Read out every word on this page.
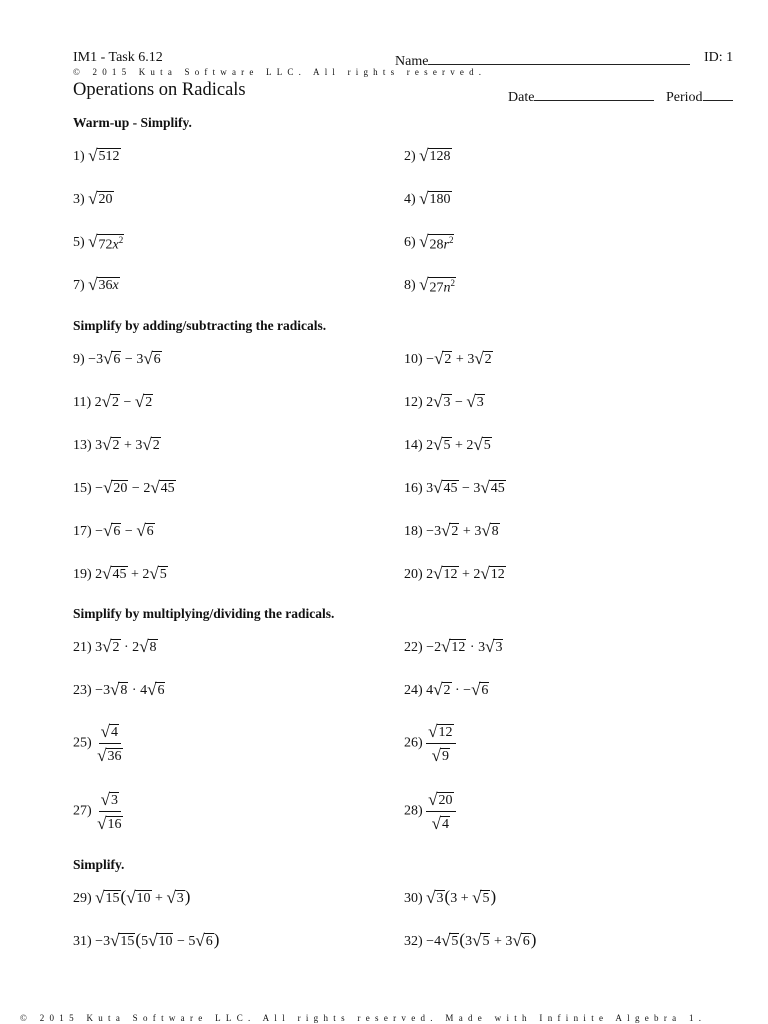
IM1 - Task 6.12	Name	ID: 1
© 2015 Kuta Software LLC. All rights reserved.
Operations on Radicals	Date	Period
Warm-up - Simplify.
1) √ 512	2) √ 128
3) √ 20	4) √ 180
5) √ $72x^2$	6) √ $28r^2$
7) √ 36x	8) √ $27n^2$
Simplify by adding/subtracting the radicals.
9) −3 √ 6 − 3 √ 6	10) − √ 2 + 3 √ 2
11) 2 √ 2 − √ 2	12) 2 √ 3 − √ 3
13) 3 √ 2 + 3 √ 2	14) 2 √ 5 + 2 √ 5
15) − √ 20 − 2 √ 45	16) 3 √ 45 − 3 √ 45
17) − √ 6 − √ 6	18) −3 √ 2 + 3 √ 8
19) 2 √ 45 + 2 √ 5	20) 2 √ 12 + 2 √ 12
Simplify by multiplying/dividing the radicals.
21) 3 √ 2 · 2 √ 8	22) −2 √ 12 · 3 √ 3
23) −3 √ 8 · 4 √ 6	24) 4 √ 2 · − √ 6
$25) \frac{√ 4}{√ 36}$	$26) \frac{√ 12}{√ 9}$
$27) \frac{√ 3}{√ 16}$	$28) \frac{√ 20}{√ 4}$
Simplify.
29) √ 15 ( √ 10 + √ 3 )	30) √ 3 (3 + √ 5 )
31) −3 √ 15 (5 √ 10 − 5 √ 6 )	32) −4 √ 5 (3 √ 5 + 3 √ 6 )
© 2015 Kuta Software LLC. All rights reserved. Made with Infinite Algebra 1.
